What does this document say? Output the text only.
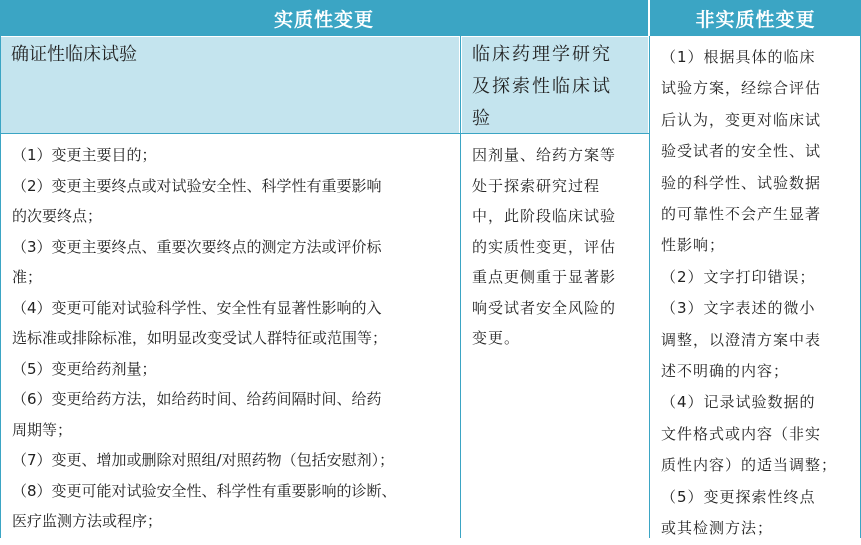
实质性变更	非实质性变更
确证性临床试验	临床药理学研究
及探索性临床试
验
（1）变更主要目的；
（2）变更主要终点或对试验安全性、科学性有重要影响
的次要终点；
（3）变更主要终点、重要次要终点的测定方法或评价标
准；
（4）变更可能对试验科学性、安全性有显著性影响的入
选标准或排除标准，如明显改变受试人群特征或范围等；
（5）变更给药剂量；
（6）变更给药方法，如给药时间、给药间隔时间、给药
周期等；
（7）变更、增加或删除对照组/对照药物（包括安慰剂）；
（8）变更可能对试验安全性、科学性有重要影响的诊断、
医疗监测方法或程序；
因剂量、给药方案等
处于探索研究过程
中，此阶段临床试验
的实质性变更，评估
重点更侧重于显著影
响受试者安全风险的
变更。
（1）根据具体的临床
试验方案，经综合评估
后认为，变更对临床试
验受试者的安全性、试
验的科学性、试验数据
的可靠性不会产生显著
性影响；
（2）文字打印错误；
（3）文字表述的微小
调整，以澄清方案中表
述不明确的内容；
（4）记录试验数据的
文件格式或内容（非实
质性内容）的适当调整；
（5）变更探索性终点
或其检测方法；
